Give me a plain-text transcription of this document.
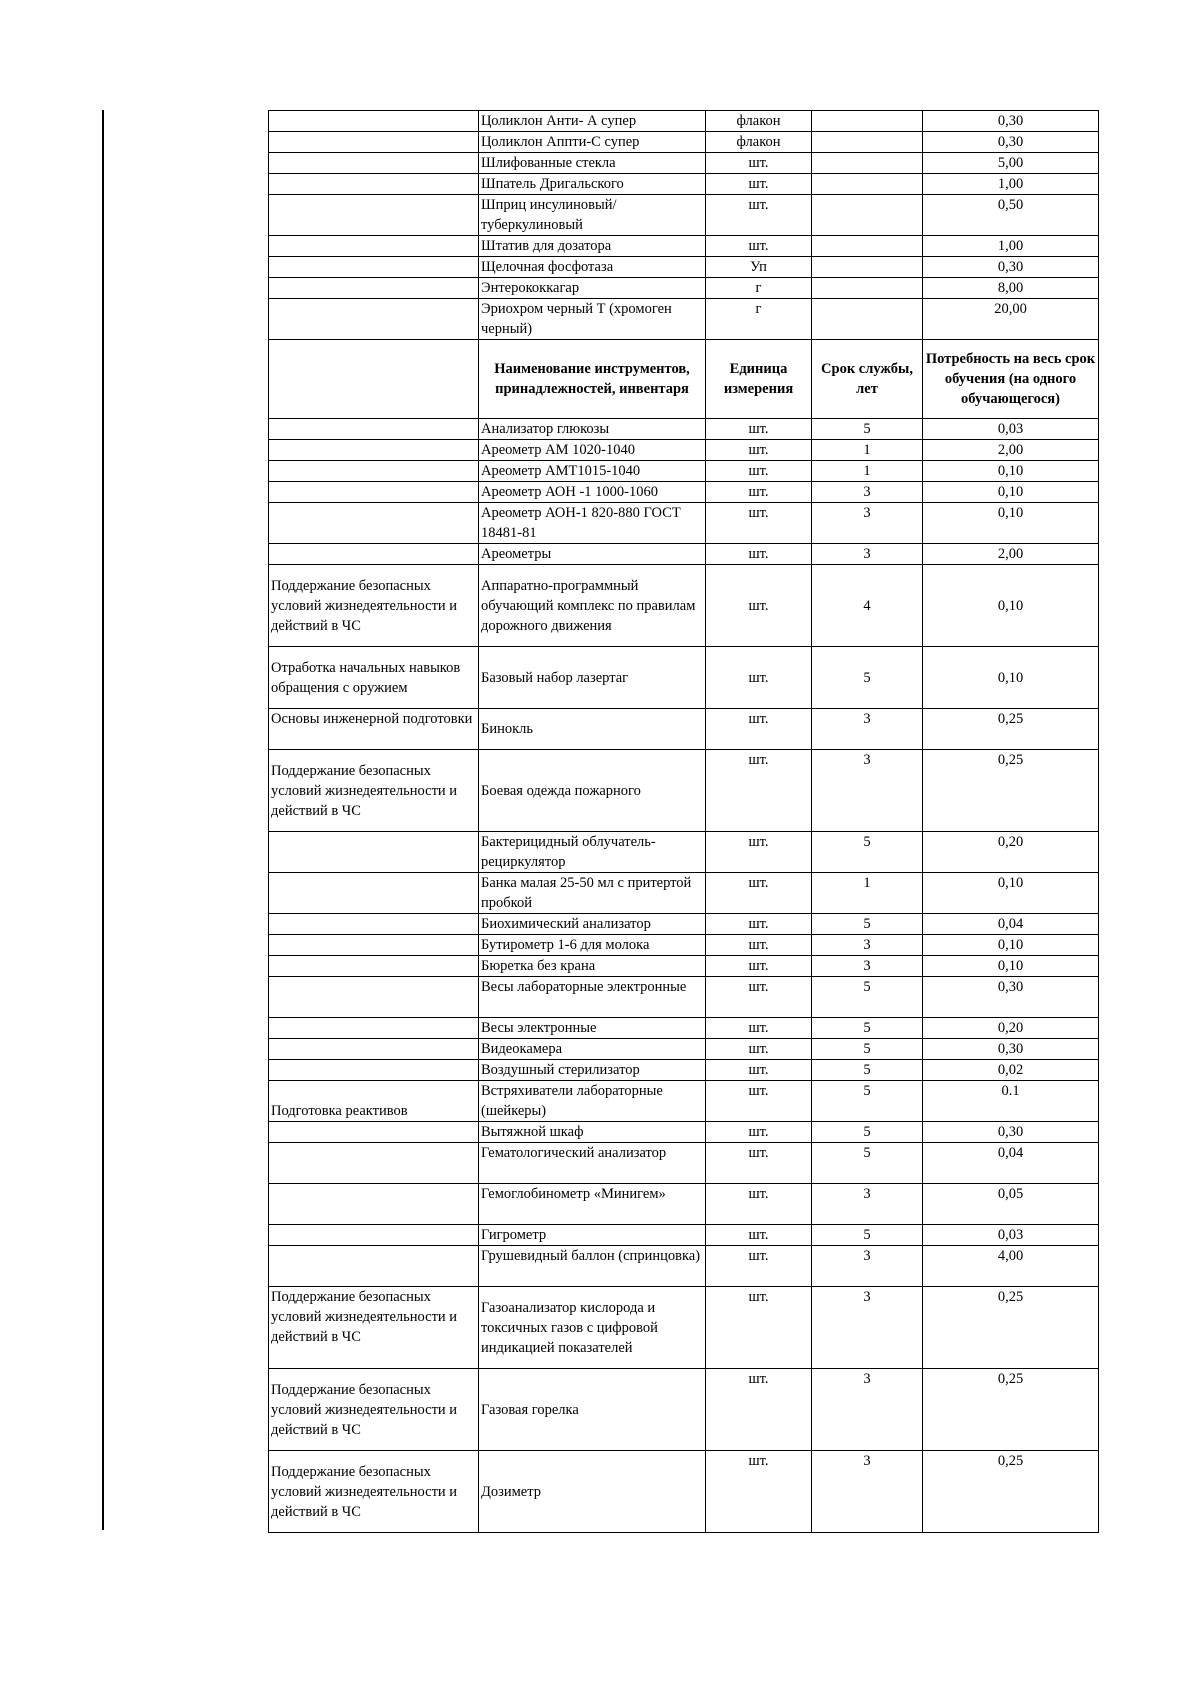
	Цоликлон Анти- А супер	флакон		0,30
	Цоликлон Аппти-С супер	флакон		0,30
	Шлифованные стекла	шт.		5,00
	Шпатель Дригальского	шт.		1,00
	Шприц инсулиновый/ туберкулиновый	шт.		0,50
	Штатив для дозатора	шт.		1,00
	Щелочная фосфотаза	Уп		0,30
	Энтерококкагар	г		8,00
	Эриохром черный Т (хромоген черный)	г		20,00
	Наименование инструментов, принадлежностей, инвентаря	Единица измерения	Срок службы, лет	Потребность на весь срок обучения (на одного обучающегося)
	Анализатор глюкозы	шт.	5	0,03
	Ареометр АМ 1020-1040	шт.	1	2,00
	Ареометр АМТ1015-1040	шт.	1	0,10
	Ареометр АОН -1 1000-1060	шт.	3	0,10
	Ареометр АОН-1 820-880 ГОСТ 18481-81	шт.	3	0,10
	Ареометры	шт.	3	2,00
Поддержание безопасных условий жизнедеятельности и действий в ЧС	Аппаратно-программный обучающий комплекс по правилам дорожного движения	шт.	4	0,10
Отработка начальных навыков обращения с оружием	Базовый набор лазертаг	шт.	5	0,10
Основы инженерной подготовки	Бинокль	шт.	3	0,25
Поддержание безопасных условий жизнедеятельности и действий в ЧС	Боевая одежда пожарного	шт.	3	0,25
	Бактерицидный облучатель-рециркулятор	шт.	5	0,20
	Банка малая 25-50 мл с притертой пробкой	шт.	1	0,10
	Биохимический анализатор	шт.	5	0,04
	Бутирометр 1-6 для молока	шт.	3	0,10
	Бюретка без крана	шт.	3	0,10
	Весы лабораторные электронные	шт.	5	0,30
	Весы электронные	шт.	5	0,20
	Видеокамера	шт.	5	0,30
	Воздушный стерилизатор	шт.	5	0,02
Подготовка реактивов	Встряхиватели лабораторные (шейкеры)	шт.	5	0.1
	Вытяжной шкаф	шт.	5	0,30
	Гематологический анализатор	шт.	5	0,04
	Гемоглобинометр «Минигем»	шт.	3	0,05
	Гигрометр	шт.	5	0,03
	Грушевидный баллон (спринцовка)	шт.	3	4,00
Поддержание безопасных условий жизнедеятельности и действий в ЧС	Газоанализатор кислорода и токсичных газов с цифровой индикацией показателей	шт.	3	0,25
Поддержание безопасных условий жизнедеятельности и действий в ЧС	Газовая горелка	шт.	3	0,25
Поддержание безопасных условий жизнедеятельности и действий в ЧС	Дозиметр	шт.	3	0,25
